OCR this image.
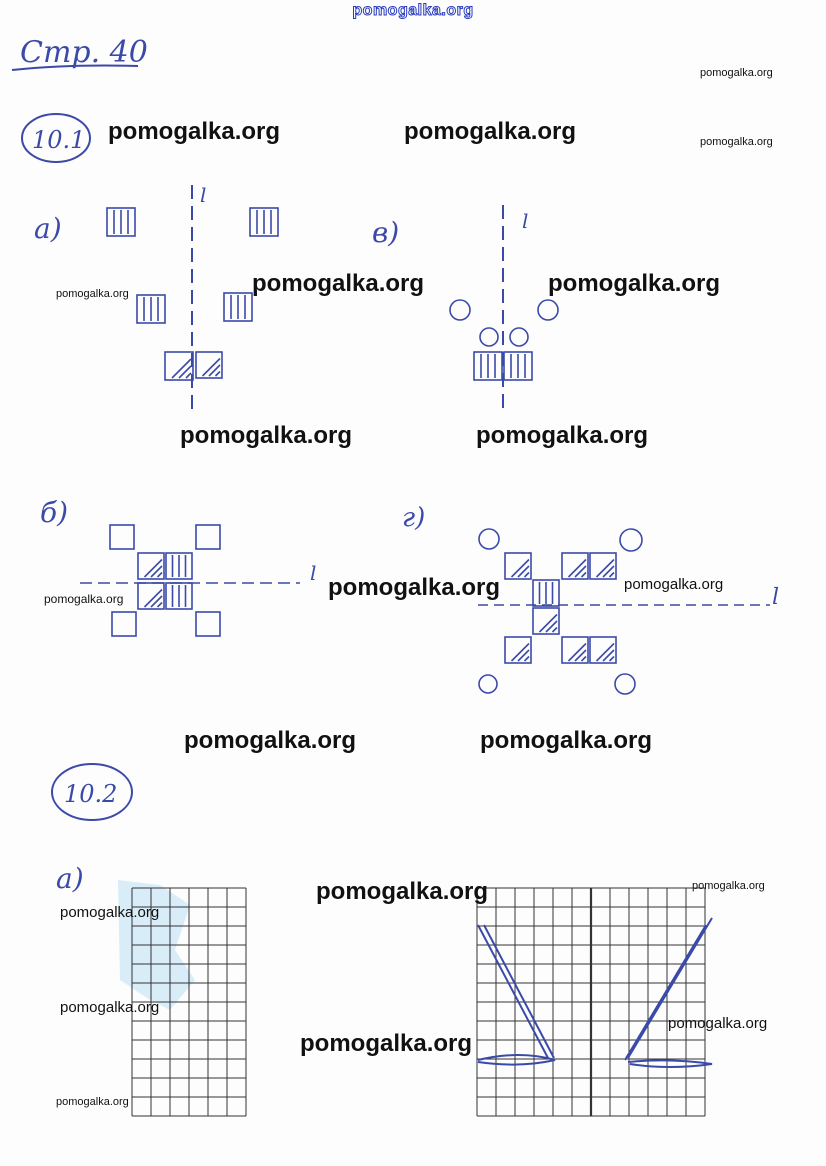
pomogalka.org
Стр. 40
10.1
а)
l
б)
l
в)	l
г)
l
10.2
а)
pomogalka.org
pomogalka.org	pomogalka.org	pomogalka.org
pomogalka.org	pomogalka.org	pomogalka.org
pomogalka.org	pomogalka.org
pomogalka.org
pomogalka.org
pomogalka.org
pomogalka.org	pomogalka.org
pomogalka.org
pomogalka.org
pomogalka.org
pomogalka.org
pomogalka.org
pomogalka.org
pomogalka.org
